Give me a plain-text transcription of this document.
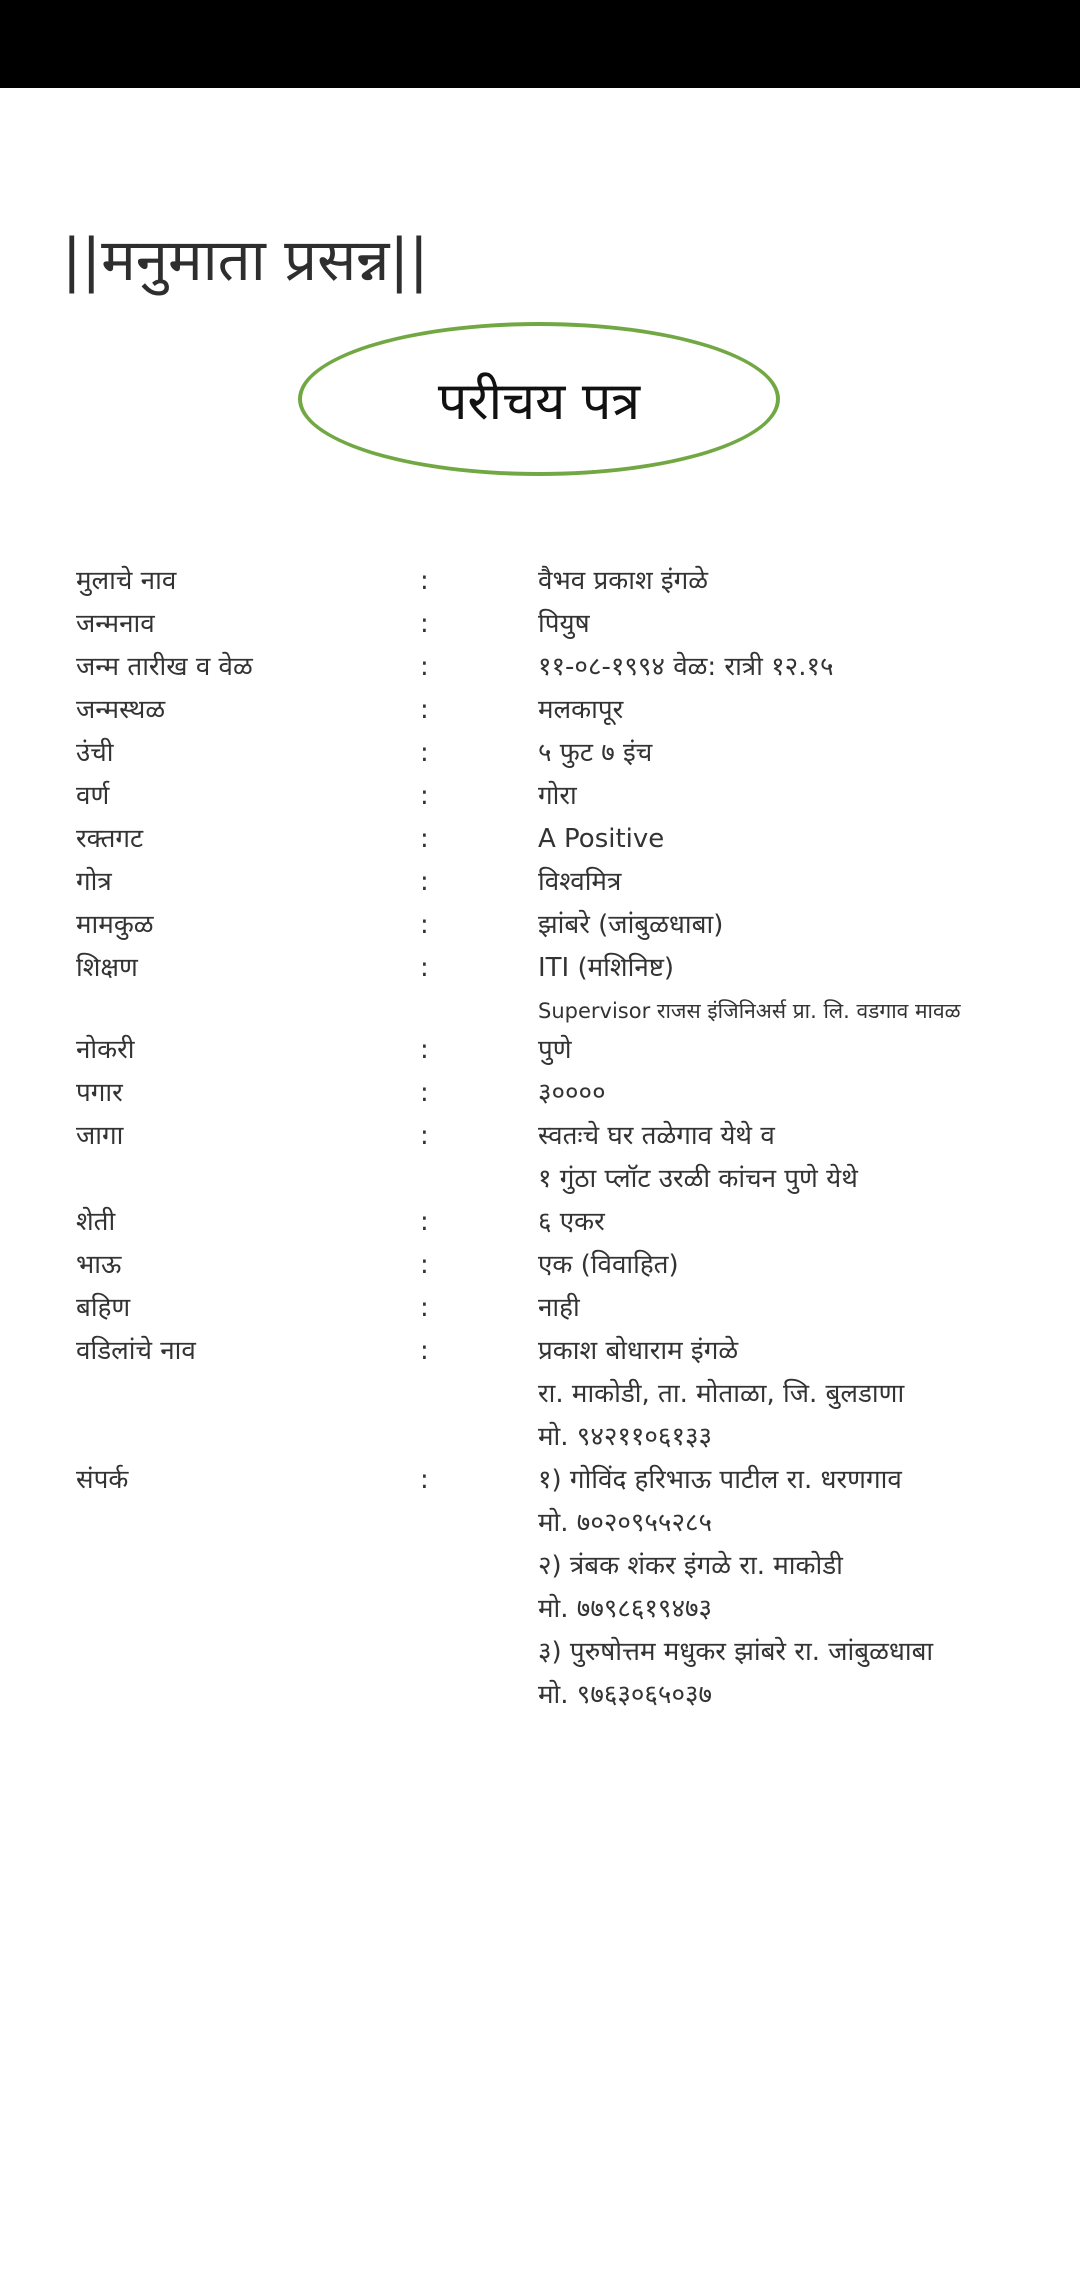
||मनुमाता प्रसन्न||
परीचय पत्र
मुलाचे नाव	:	वैभव प्रकाश इंगळे
जन्मनाव	:	पियुष
जन्म तारीख व वेळ	:	११-०८-१९९४ वेळ: रात्री १२.१५
जन्मस्थळ	:	मलकापूर
उंची	:	५ फुट ७ इंच
वर्ण	:	गोरा
रक्तगट	:	A Positive
गोत्र	:	विश्वमित्र
मामकुळ	:	झांबरे (जांबुळधाबा)
शिक्षण	:	ITI (मशिनिष्ट)
Supervisor राजस इंजिनिअर्स प्रा. लि. वडगाव मावळ
नोकरी	:	पुणे
पगार	:	३००००
जागा	:	स्वतःचे घर तळेगाव येथे व
१ गुंठा प्लॉट उरळी कांचन पुणे येथे
शेती	:	६ एकर
भाऊ	:	एक (विवाहित)
बहिण	:	नाही
वडिलांचे नाव	:	प्रकाश बोधाराम इंगळे
रा. माकोडी, ता. मोताळा, जि. बुलडाणा
मो. ९४२११०६१३३
संपर्क	:	१) गोविंद हरिभाऊ पाटील रा. धरणगाव
मो. ७०२०९५५२८५
२) त्रंबक शंकर इंगळे रा. माकोडी
मो. ७७९८६१९४७३
३) पुरुषोत्तम मधुकर झांबरे रा. जांबुळधाबा
मो. ९७६३०६५०३७
